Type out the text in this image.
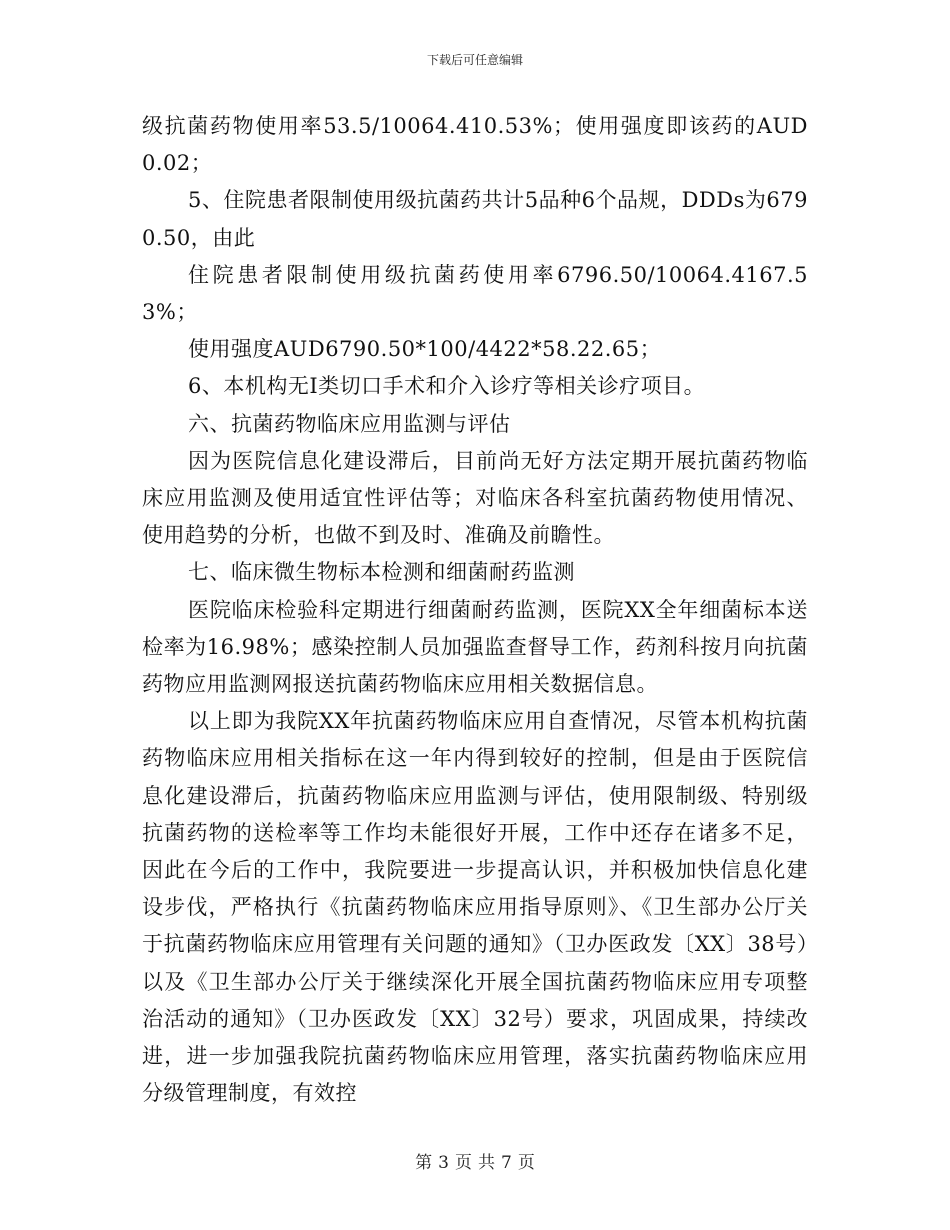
下载后可任意编辑

级抗菌药物使用率53.5/10064.410.53%；使用强度即该药的AUD0.02；

5、住院患者限制使用级抗菌药共计5品种6个品规，DDDs为6790.50，由此

住院患者限制使用级抗菌药使用率6796.50/10064.4167.53%；

使用强度AUD6790.50*100/4422*58.22.65；

6、本机构无Ⅰ类切口手术和介入诊疗等相关诊疗项目。

六、抗菌药物临床应用监测与评估

因为医院信息化建设滞后，目前尚无好方法定期开展抗菌药物临床应用监测及使用适宜性评估等；对临床各科室抗菌药物使用情况、使用趋势的分析，也做不到及时、准确及前瞻性。

七、临床微生物标本检测和细菌耐药监测

医院临床检验科定期进行细菌耐药监测，医院XX全年细菌标本送检率为16.98%；感染控制人员加强监查督导工作，药剂科按月向抗菌药物应用监测网报送抗菌药物临床应用相关数据信息。

以上即为我院XX年抗菌药物临床应用自查情况，尽管本机构抗菌药物临床应用相关指标在这一年内得到较好的控制，但是由于医院信息化建设滞后，抗菌药物临床应用监测与评估，使用限制级、特别级抗菌药物的送检率等工作均未能很好开展，工作中还存在诸多不足，因此在今后的工作中，我院要进一步提高认识，并积极加快信息化建设步伐，严格执行《抗菌药物临床应用指导原则》、《卫生部办公厅关于抗菌药物临床应用管理有关问题的通知》（卫办医政发〔XX〕38号）以及《卫生部办公厅关于继续深化开展全国抗菌药物临床应用专项整治活动的通知》（卫办医政发〔XX〕32号）要求，巩固成果，持续改进，进一步加强我院抗菌药物临床应用管理，落实抗菌药物临床应用分级管理制度，有效控

第 3 页 共 7 页
